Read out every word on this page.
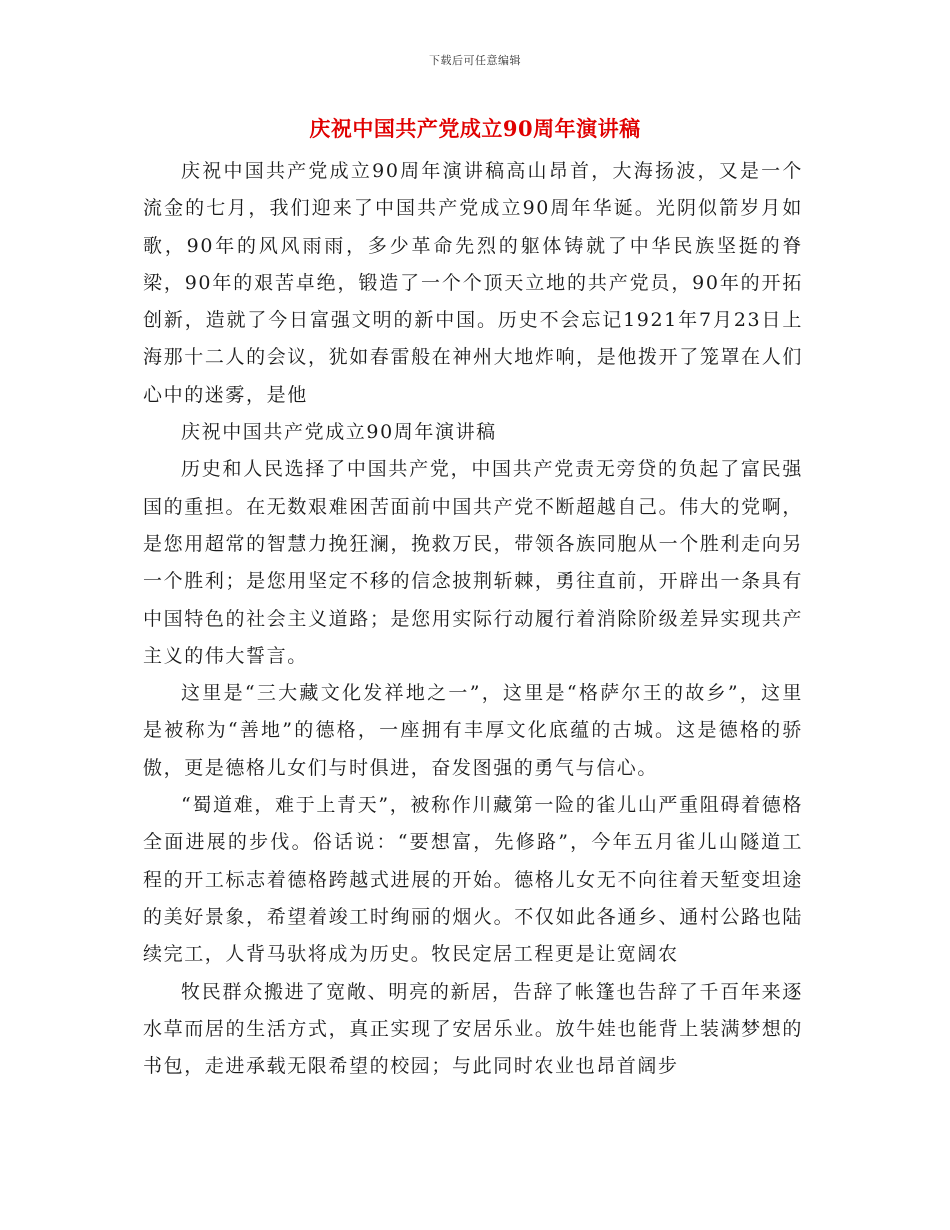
下载后可任意编辑
庆祝中国共产党成立90周年演讲稿

庆祝中国共产党成立90周年演讲稿高山昂首，大海扬波，又是一个流金的七月，我们迎来了中国共产党成立90周年华诞。光阴似箭岁月如歌，90年的风风雨雨，多少革命先烈的躯体铸就了中华民族坚挺的脊梁，90年的艰苦卓绝，锻造了一个个顶天立地的共产党员，90年的开拓创新，造就了今日富强文明的新中国。历史不会忘记1921年7月23日上海那十二人的会议，犹如春雷般在神州大地炸响，是他拨开了笼罩在人们心中的迷雾，是他

庆祝中国共产党成立90周年演讲稿

历史和人民选择了中国共产党，中国共产党责无旁贷的负起了富民强国的重担。在无数艰难困苦面前中国共产党不断超越自己。伟大的党啊，是您用超常的智慧力挽狂澜，挽救万民，带领各族同胞从一个胜利走向另一个胜利；是您用坚定不移的信念披荆斩棘，勇往直前，开辟出一条具有中国特色的社会主义道路；是您用实际行动履行着消除阶级差异实现共产主义的伟大誓言。

这里是“三大藏文化发祥地之一”，这里是“格萨尔王的故乡”，这里是被称为“善地”的德格，一座拥有丰厚文化底蕴的古城。这是德格的骄傲，更是德格儿女们与时俱进，奋发图强的勇气与信心。

“蜀道难，难于上青天”，被称作川藏第一险的雀儿山严重阻碍着德格全面进展的步伐。俗话说：“要想富，先修路”，今年五月雀儿山隧道工程的开工标志着德格跨越式进展的开始。德格儿女无不向往着天堑变坦途的美好景象，希望着竣工时绚丽的烟火。不仅如此各通乡、通村公路也陆续完工，人背马驮将成为历史。牧民定居工程更是让宽阔农

牧民群众搬进了宽敞、明亮的新居，告辞了帐篷也告辞了千百年来逐水草而居的生活方式，真正实现了安居乐业。放牛娃也能背上装满梦想的书包，走进承载无限希望的校园；与此同时农业也昂首阔步
